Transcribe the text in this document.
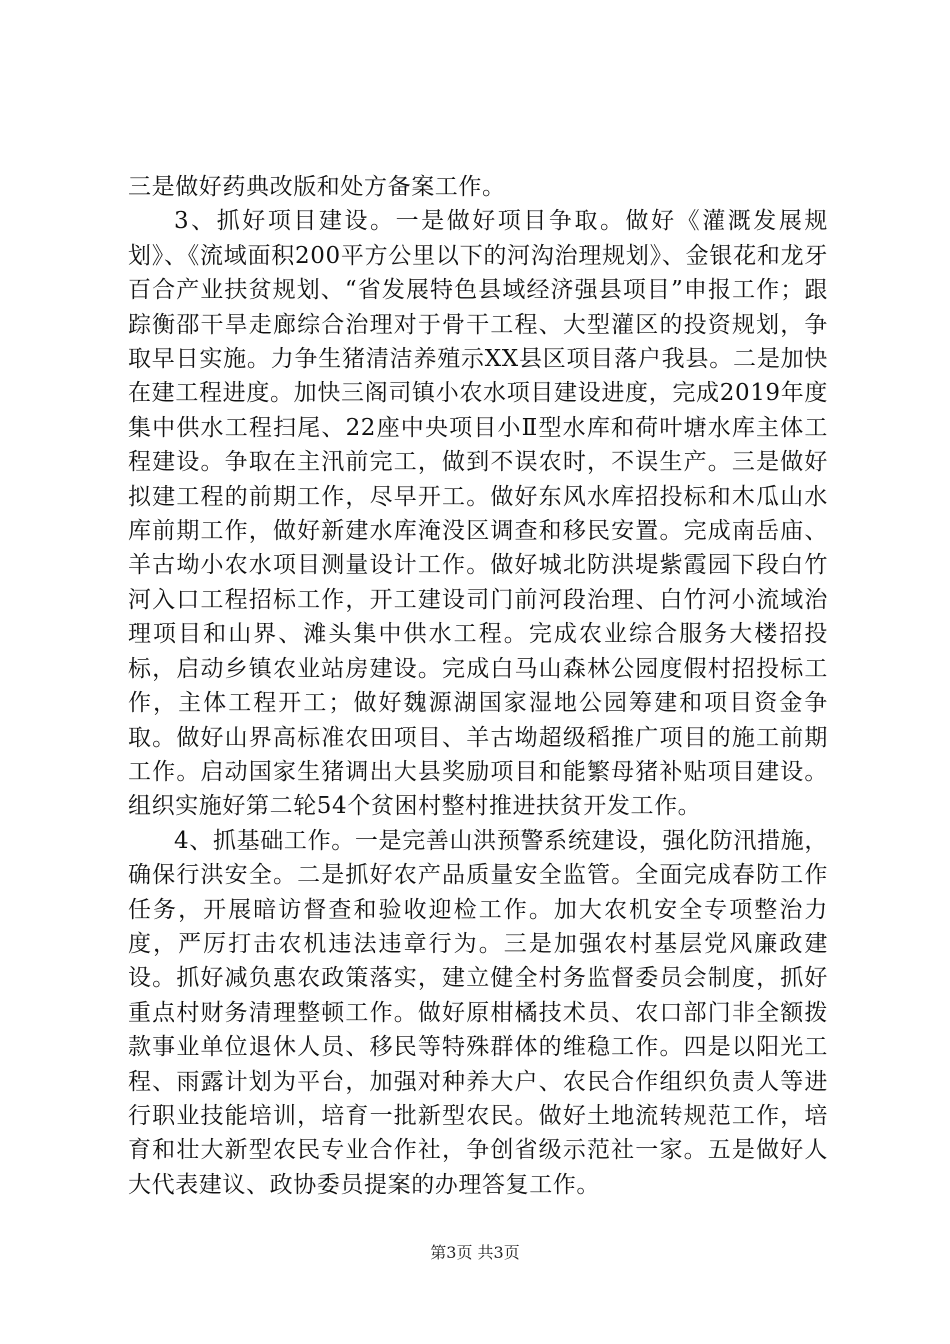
三是做好药典改版和处方备案工作。

3、抓好项目建设。一是做好项目争取。做好《灌溉发展规划》、《流域面积200平方公里以下的河沟治理规划》、金银花和龙牙百合产业扶贫规划、“省发展特色县域经济强县项目”申报工作；跟踪衡邵干旱走廊综合治理对于骨干工程、大型灌区的投资规划，争取早日实施。力争生猪清洁养殖示XX县区项目落户我县。二是加快在建工程进度。加快三阁司镇小农水项目建设进度，完成2019年度集中供水工程扫尾、22座中央项目小Ⅱ型水库和荷叶塘水库主体工程建设。争取在主汛前完工，做到不误农时，不误生产。三是做好拟建工程的前期工作，尽早开工。做好东风水库招投标和木瓜山水库前期工作，做好新建水库淹没区调查和移民安置。完成南岳庙、羊古坳小农水项目测量设计工作。做好城北防洪堤紫霞园下段白竹河入口工程招标工作，开工建设司门前河段治理、白竹河小流域治理项目和山界、滩头集中供水工程。完成农业综合服务大楼招投标，启动乡镇农业站房建设。完成白马山森林公园度假村招投标工作，主体工程开工；做好魏源湖国家湿地公园筹建和项目资金争取。做好山界高标准农田项目、羊古坳超级稻推广项目的施工前期工作。启动国家生猪调出大县奖励项目和能繁母猪补贴项目建设。组织实施好第二轮54个贫困村整村推进扶贫开发工作。

4、抓基础工作。一是完善山洪预警系统建设，强化防汛措施，确保行洪安全。二是抓好农产品质量安全监管。全面完成春防工作任务，开展暗访督查和验收迎检工作。加大农机安全专项整治力度，严厉打击农机违法违章行为。三是加强农村基层党风廉政建设。抓好减负惠农政策落实，建立健全村务监督委员会制度，抓好重点村财务清理整顿工作。做好原柑橘技术员、农口部门非全额拨款事业单位退休人员、移民等特殊群体的维稳工作。四是以阳光工程、雨露计划为平台，加强对种养大户、农民合作组织负责人等进行职业技能培训，培育一批新型农民。做好土地流转规范工作，培育和壮大新型农民专业合作社，争创省级示范社一家。五是做好人大代表建议、政协委员提案的办理答复工作。

第3页 共3页
